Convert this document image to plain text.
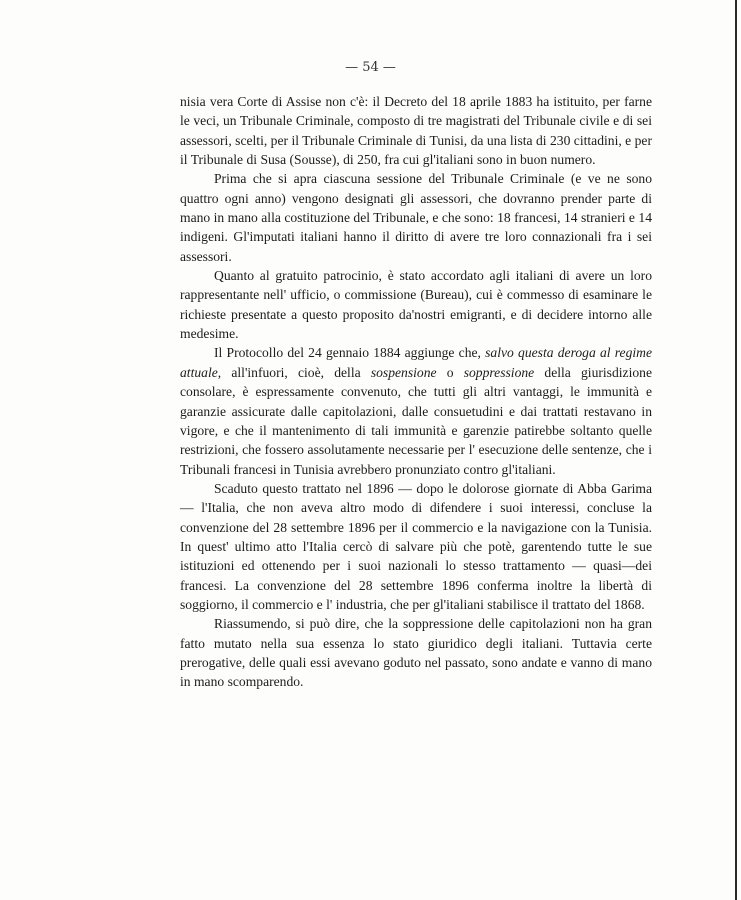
— 54 —

nisia vera Corte di Assise non c'è: il Decreto del 18 aprile 1883 ha istituito, per farne le veci, un Tribunale Criminale, composto di tre magistrati del Tribunale civile e di sei assessori, scelti, per il Tribunale Criminale di Tunisi, da una lista di 230 cittadini, e per il Tribunale di Susa (Sousse), di 250, fra cui gl'italiani sono in buon numero.

Prima che si apra ciascuna sessione del Tribunale Criminale (e ve ne sono quattro ogni anno) vengono designati gli assessori, che dovranno prender parte di mano in mano alla costituzione del Tribunale, e che sono: 18 francesi, 14 stranieri e 14 indigeni. Gl'imputati italiani hanno il diritto di avere tre loro connazionali fra i sei assessori.

Quanto al gratuito patrocinio, è stato accordato agli italiani di avere un loro rappresentante nell' ufficio, o commissione (Bureau), cui è commesso di esaminare le richieste presentate a questo proposito da'nostri emigranti, e di decidere intorno alle medesime.

Il Protocollo del 24 gennaio 1884 aggiunge che, salvo questa deroga al regime attuale, all'infuori, cioè, della sospensione o soppressione della giurisdizione consolare, è espressamente convenuto, che tutti gli altri vantaggi, le immunità e garanzie assicurate dalle capitolazioni, dalle consuetudini e dai trattati restavano in vigore, e che il mantenimento di tali immunità e garenzie patirebbe soltanto quelle restrizioni, che fossero assolutamente necessarie per l' esecuzione delle sentenze, che i Tribunali francesi in Tunisia avrebbero pronunziato contro gl'italiani.

Scaduto questo trattato nel 1896 — dopo le dolorose giornate di Abba Garima — l'Italia, che non aveva altro modo di difendere i suoi interessi, concluse la convenzione del 28 settembre 1896 per il commercio e la navigazione con la Tunisia. In quest' ultimo atto l'Italia cercò di salvare più che potè, garentendo tutte le sue istituzioni ed ottenendo per i suoi nazionali lo stesso trattamento — quasi—dei francesi. La convenzione del 28 settembre 1896 conferma inoltre la libertà di soggiorno, il commercio e l' industria, che per gl'italiani stabilisce il trattato del 1868.

Riassumendo, si può dire, che la soppressione delle capitolazioni non ha gran fatto mutato nella sua essenza lo stato giuridico degli italiani. Tuttavia certe prerogative, delle quali essi avevano goduto nel passato, sono andate e vanno di mano in mano scomparendo.
